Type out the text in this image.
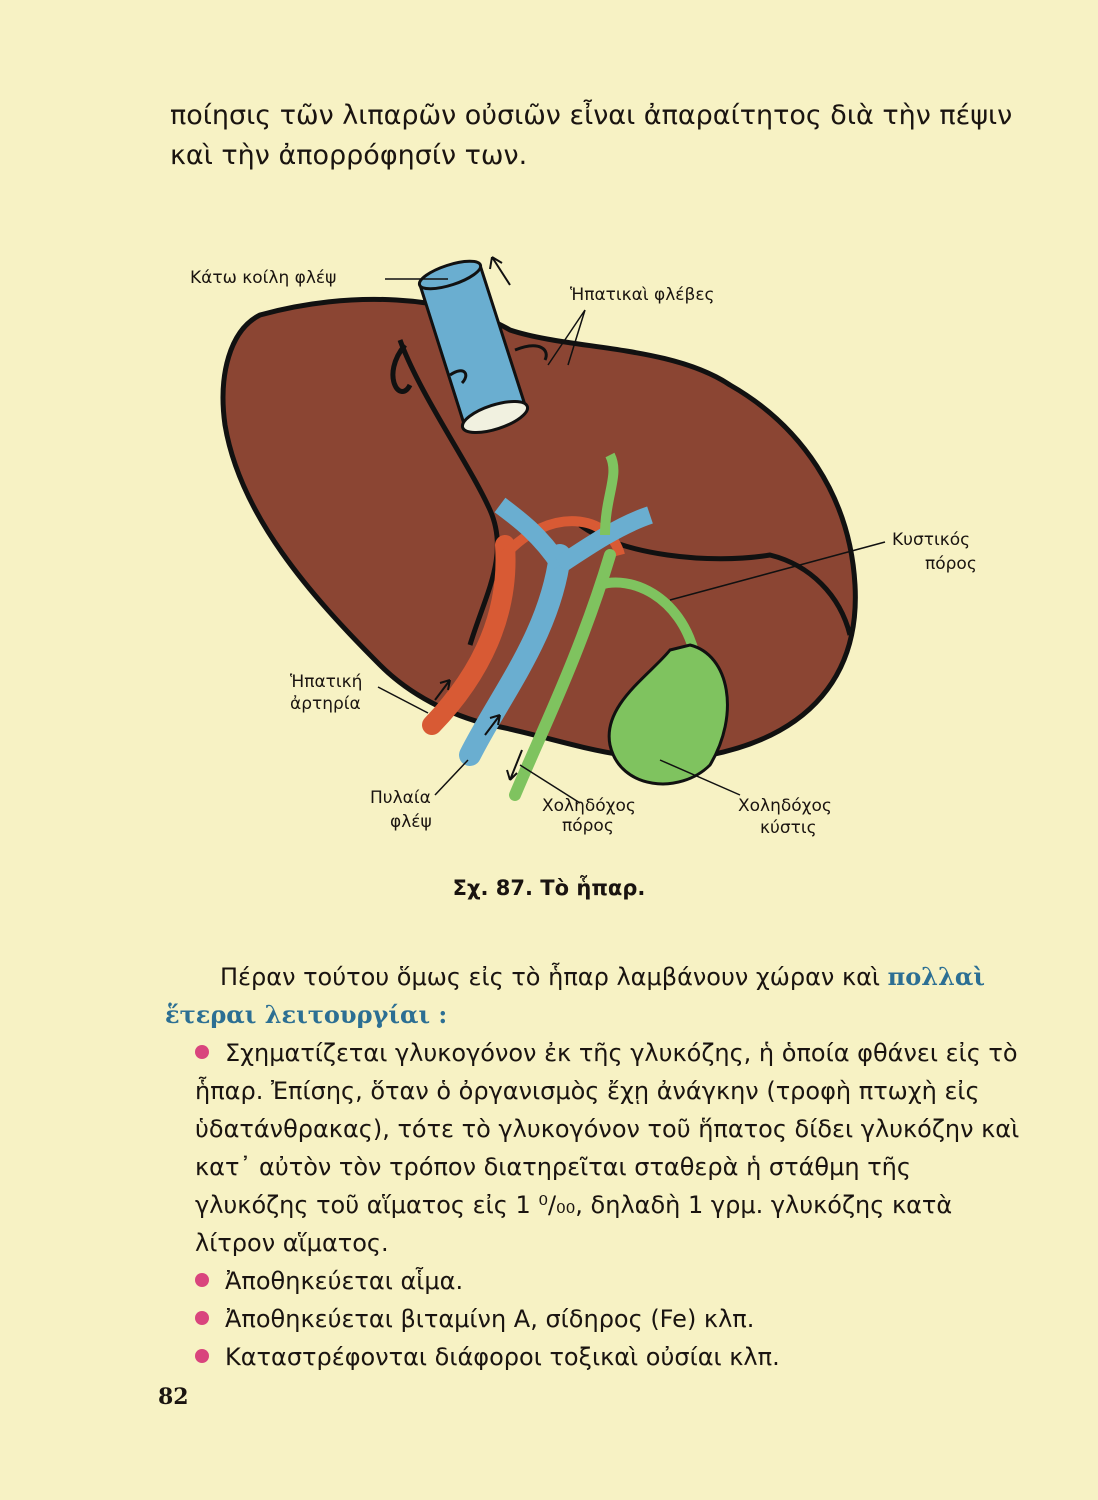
ποίησις τῶν λιπαρῶν οὐσιῶν εἶναι ἀπαραίτητος διὰ τὴν πέψιν καὶ τὴν ἀπορρόφησίν των.

Κάτω κοίλη φλέψ
Ἡπατικαὶ φλέβες
Κυστικός
πόρος
Ἡπατική
ἀρτηρία
Πυλαία
φλέψ
Χοληδόχος
πόρος
Χοληδόχος
κύστις
Σχ. 87. Τὸ ἧπαρ.

Πέραν τούτου ὅμως εἰς τὸ ἧπαρ λαμβάνουν χώραν καὶ πολλαὶ ἕτεραι λειτουργίαι :

Σχηματίζεται γλυκογόνον ἐκ τῆς γλυκόζης, ἡ ὁποία φθάνει εἰς τὸ ἧπαρ. Ἐπίσης, ὅταν ὁ ὀργανισμὸς ἔχῃ ἀνάγκην (τροφὴ πτωχὴ εἰς ὑδατάνθρακας), τότε τὸ γλυκογόνον τοῦ ἥπατος δίδει γλυκόζην καὶ κατ᾿ αὐτὸν τὸν τρόπον διατηρεῖται σταθερὰ ἡ στάθμη τῆς γλυκόζης τοῦ αἵματος εἰς 1 ⁰/₀₀, δηλαδὴ 1 γρμ. γλυκόζης κατὰ λίτρον αἵματος.

Ἀποθηκεύεται αἷμα.

Ἀποθηκεύεται βιταμίνη Α, σίδηρος (Fe) κλπ.

Καταστρέφονται διάφοροι τοξικαὶ οὐσίαι κλπ.

82
